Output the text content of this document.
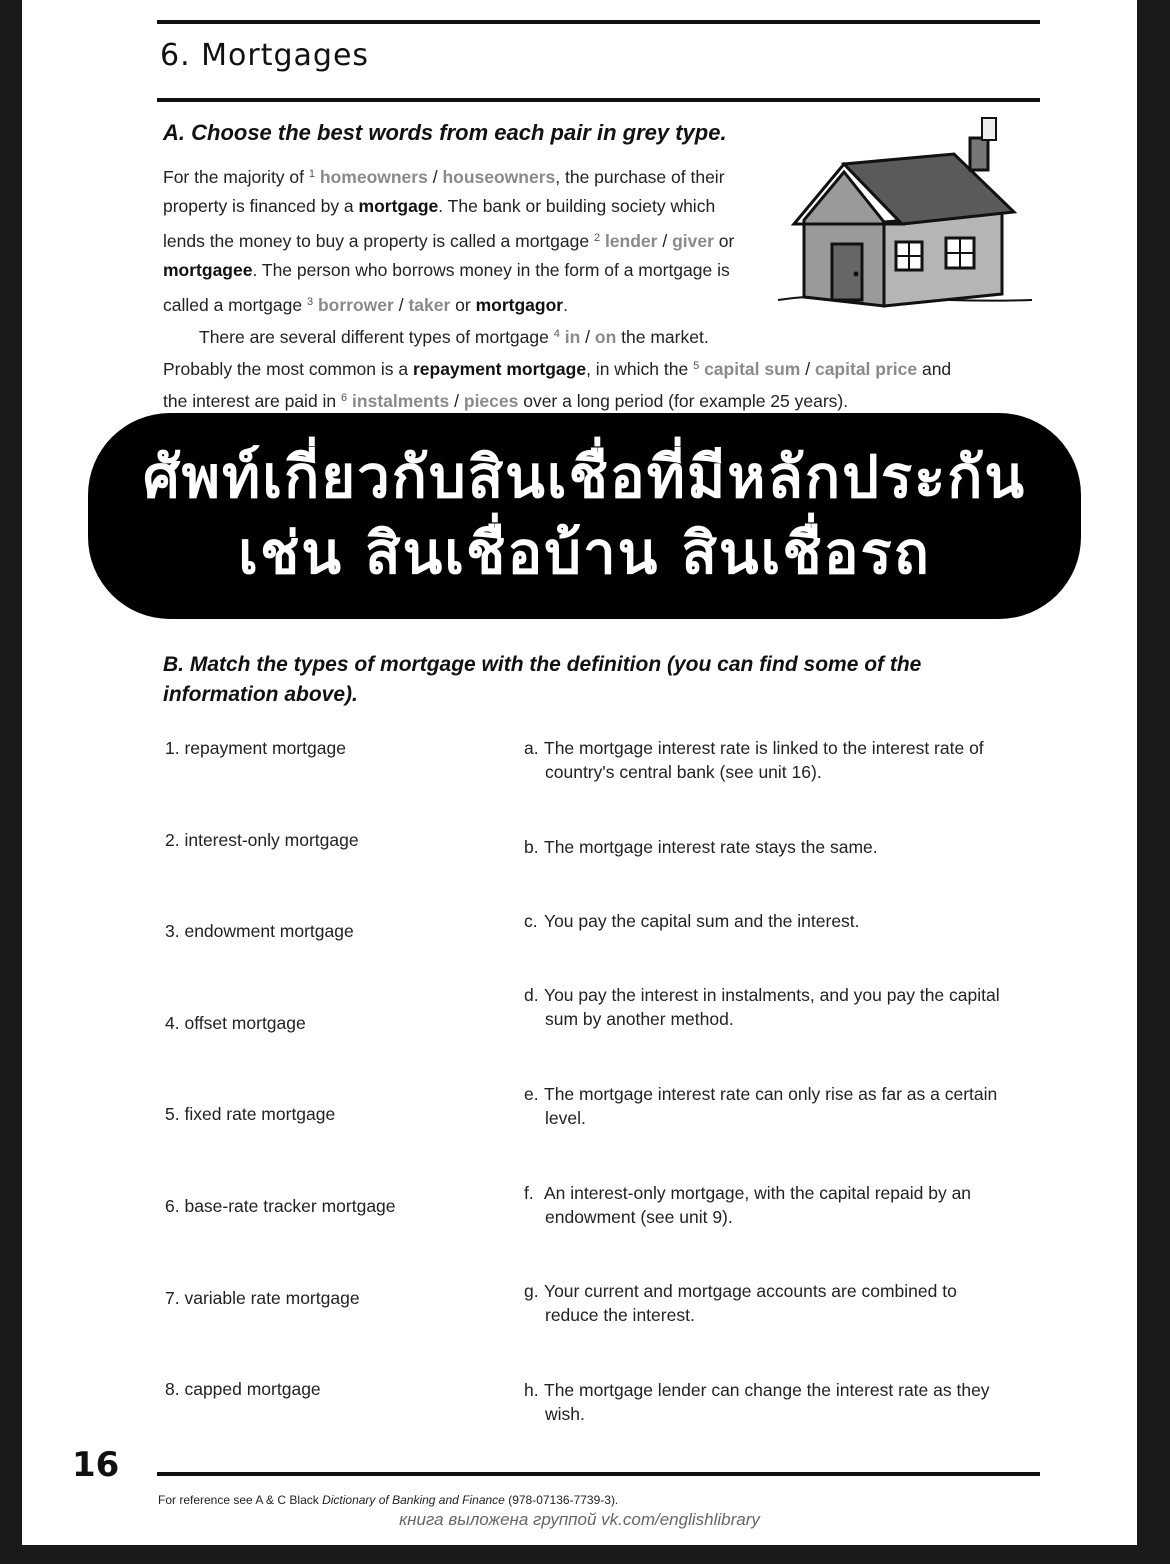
6. Mortgages
A. Choose the best words from each pair in grey type.
For the majority of $^1$ homeowners / houseowners, the purchase of their
property is financed by a mortgage. The bank or building society which
lends the money to buy a property is called a mortgage $^2$ lender / giver or
mortgagee. The person who borrows money in the form of a mortgage is
called a mortgage $^3$ borrower / taker or mortgagor.
There are several different types of mortgage $^4$ in / on the market.
Probably the most common is a repayment mortgage, in which the $^5$ capital sum / capital price and
the interest are paid in $^6$ instalments / pieces over a long period (for example 25 years).
ศัพท์เกี่ยวกับสินเชื่อที่มีหลักประกัน
เช่น สินเชื่อบ้าน สินเชื่อรถ
B. Match the types of mortgage with the definition (you can find some of the information above).
1. repayment mortgage
2. interest-only mortgage
3. endowment mortgage
4. offset mortgage
5. fixed rate mortgage
6. base-rate tracker mortgage
7. variable rate mortgage
8. capped mortgage
a. The mortgage interest rate is linked to the interest rate of
country's central bank (see unit 16).
b. The mortgage interest rate stays the same.
c. You pay the capital sum and the interest.
d. You pay the interest in instalments, and you pay the capital
sum by another method.
e. The mortgage interest rate can only rise as far as a certain
level.
f. An interest-only mortgage, with the capital repaid by an
endowment (see unit 9).
g. Your current and mortgage accounts are combined to
reduce the interest.
h. The mortgage lender can change the interest rate as they
wish.
16
For reference see A & C Black Dictionary of Banking and Finance (978-07136-7739-3).
книга выложена группой vk.com/englishlibrary
